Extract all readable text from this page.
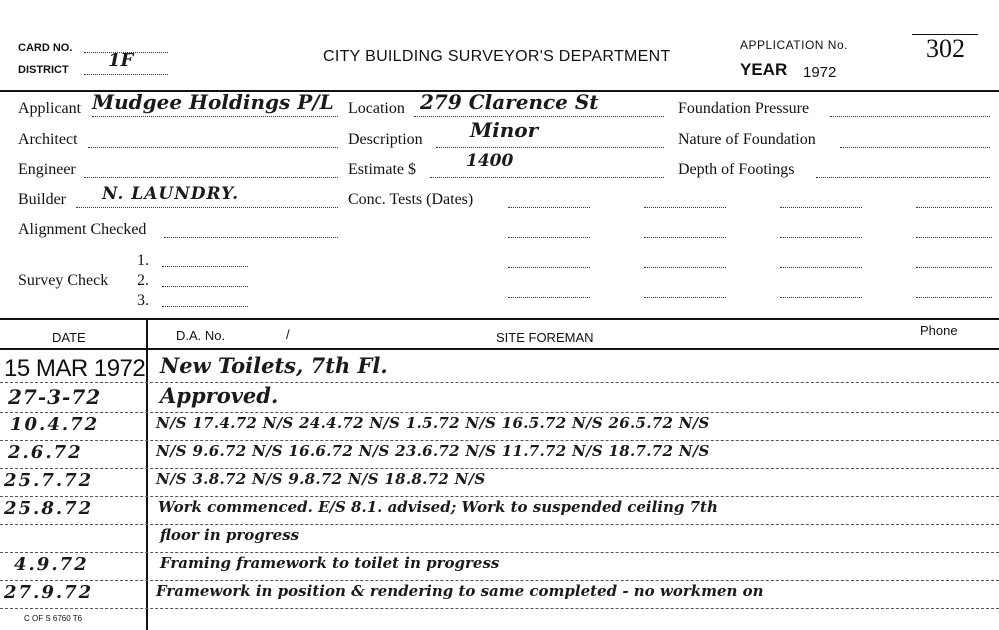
CARD NO.
DISTRICT 1F	CITY BUILDING SURVEYOR'S DEPARTMENT
APPLICATION No.
YEAR 1972
302
Applicant Mudgee Holdings P/L
Architect
Engineer
Builder N. LAUNDRY.
Alignment Checked
Survey Check
1.
2.
3.
Location 279 Clarence St
Description Minor
Estimate $	1400
Conc. Tests (Dates)
Foundation Pressure
Nature of Foundation
Depth of Footings
DATE	D.A. No.	/	SITE FOREMAN	Phone
15 MAR 1972 New Toilets, 7th Fl.
27-3-72	Approved.
10.4.72	N/S 17.4.72 N/S 24.4.72 N/S 1.5.72 N/S 16.5.72 N/S 26.5.72 N/S
2.6.72	N/S 9.6.72 N/S 16.6.72 N/S 23.6.72 N/S 11.7.72 N/S 18.7.72 N/S
25.7.72	N/S 3.8.72 N/S 9.8.72 N/S 18.8.72 N/S
25.8.72	Work commenced. E/S 8.1. advised; Work to suspended ceiling 7th
floor in progress
4.9.72	Framing framework to toilet in progress
27.9.72	Framework in position & rendering to same completed - no workmen on
C OF S 6760 T6
